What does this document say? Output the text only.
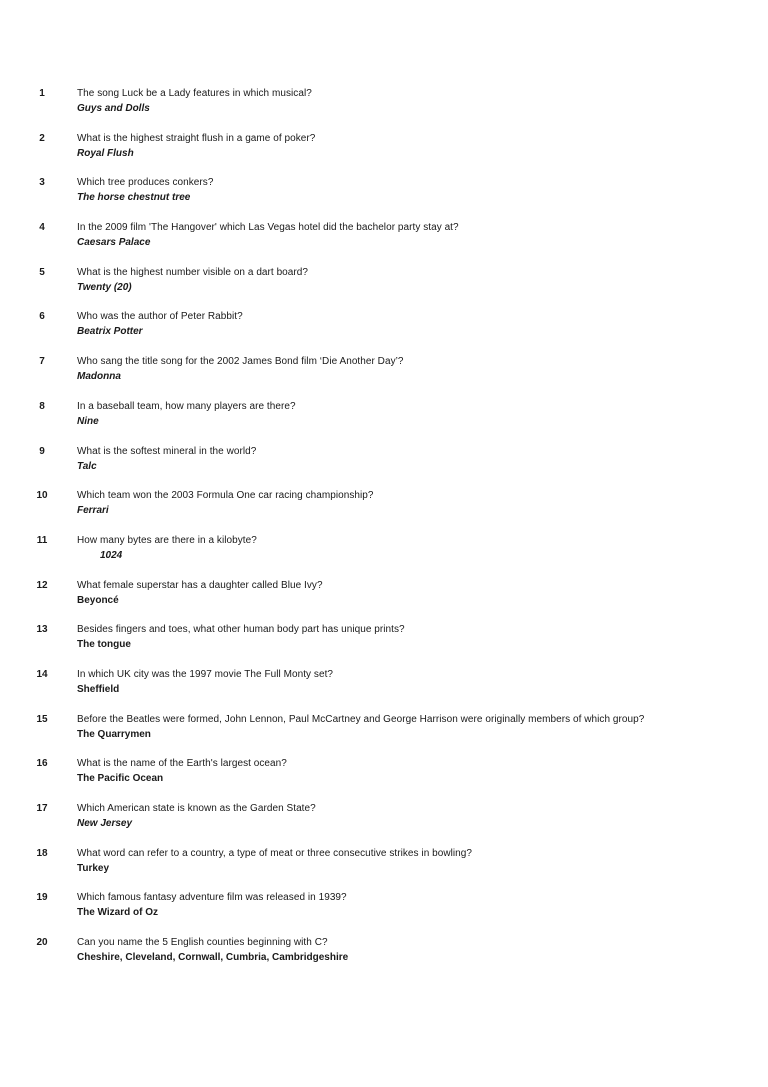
1	The song Luck be a Lady features in which musical?
Guys and Dolls
2	What is the highest straight flush in a game of poker?
Royal Flush
3	Which tree produces conkers?
The horse chestnut tree
4	In the 2009 film 'The Hangover' which Las Vegas hotel did the bachelor party stay at?
Caesars Palace
5	What is the highest number visible on a dart board?
Twenty (20)
6	Who was the author of Peter Rabbit?
Beatrix Potter
7	Who sang the title song for the 2002 James Bond film ‘Die Another Day’?
Madonna
8	In a baseball team, how many players are there?
Nine
9	What is the softest mineral in the world?
Talc
10	Which team won the 2003 Formula One car racing championship?
Ferrari
11	How many bytes are there in a kilobyte?
1024
12	What female superstar has a daughter called Blue Ivy?
Beyoncé
13	Besides fingers and toes, what other human body part has unique prints?
The tongue
14	In which UK city was the 1997 movie The Full Monty set?
Sheffield
15	Before the Beatles were formed, John Lennon, Paul McCartney and George Harrison were originally members of which group?
The Quarrymen
16	What is the name of the Earth's largest ocean?
The Pacific Ocean
17	Which American state is known as the Garden State?
New Jersey
18	What word can refer to a country, a type of meat or three consecutive strikes in bowling?
Turkey
19	Which famous fantasy adventure film was released in 1939?
The Wizard of Oz
20	Can you name the 5 English counties beginning with C?
Cheshire, Cleveland, Cornwall, Cumbria, Cambridgeshire
